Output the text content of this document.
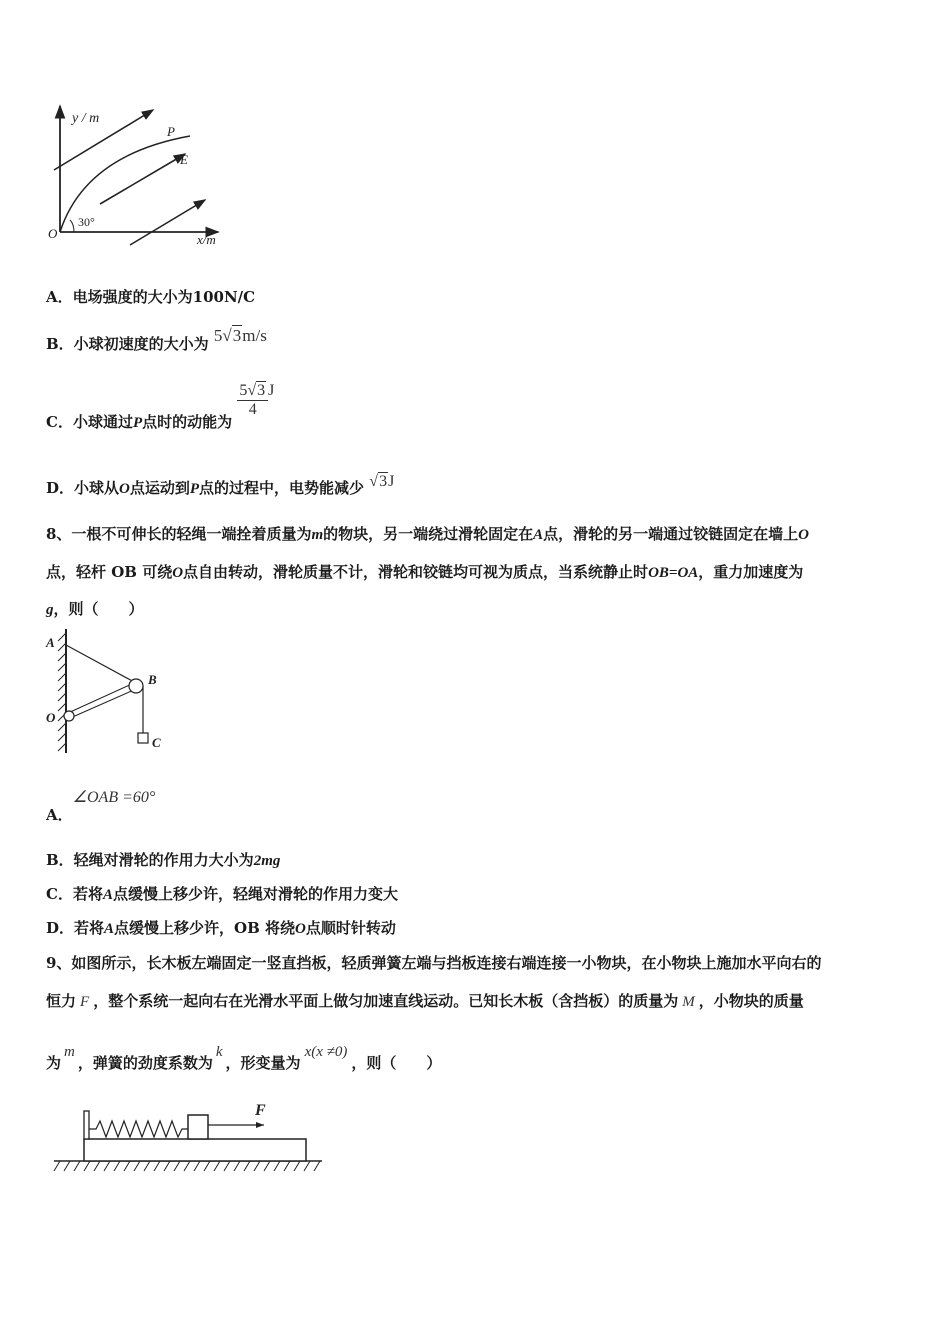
y / m
x/m
O
P
E
30°
A．电场强度的大小为100N/C
B．小球初速度的大小为 5√3m/s
C．小球通过P点时的动能为
$\frac{5√3}{4}$ J
D．小球从O点运动到P点的过程中，电势能减少 √3J
8、一根不可伸长的轻绳一端拴着质量为m的物块，另一端绕过滑轮固定在A点，滑轮的另一端通过铰链固定在墙上O
点，轻杆 OB 可绕O点自由转动，滑轮质量不计，滑轮和铰链均可视为质点，当系统静止时OB=OA，重力加速度为
g，则（　　）
A
B
O
C
A．∠OAB =60°
B．轻绳对滑轮的作用力大小为2mg
C．若将A点缓慢上移少许，轻绳对滑轮的作用力变大
D．若将A点缓慢上移少许，OB 将绕O点顺时针转动
9、如图所示，长木板左端固定一竖直挡板，轻质弹簧左端与挡板连接右端连接一小物块，在小物块上施加水平向右的
恒力 F ，整个系统一起向右在光滑水平面上做匀加速直线运动。已知长木板（含挡板）的质量为 M ，小物块的质量
为m，弹簧的劲度系数为k，形变量为x(x ≠0)，则（　　）
F
